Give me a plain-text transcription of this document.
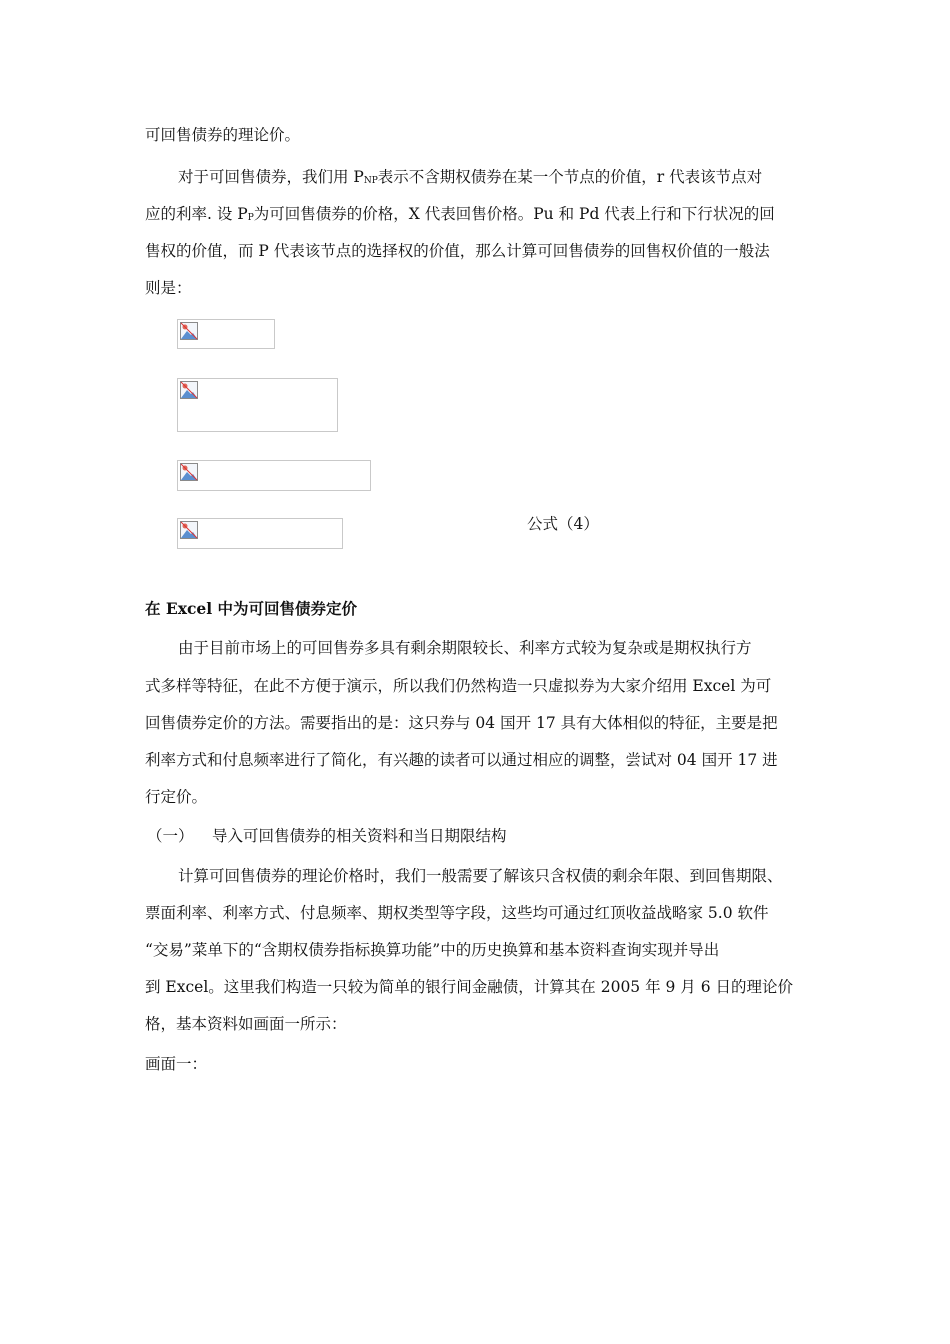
可回售债券的理论价。
对于可回售债券，我们用 $P_{NP}$表示不含期权债券在某一个节点的价值，r 代表该节点对
应的利率. 设 $P_P$为可回售债券的价格，X 代表回售价格。Pu 和 Pd 代表上行和下行状况的回
售权的价值，而 P 代表该节点的选择权的价值，那么计算可回售债券的回售权价值的一般法
则是：
公式（4）
在 Excel 中为可回售债券定价
由于目前市场上的可回售券多具有剩余期限较长、利率方式较为复杂或是期权执行方
式多样等特征，在此不方便于演示，所以我们仍然构造一只虚拟券为大家介绍用 Excel 为可
回售债券定价的方法。需要指出的是：这只券与 04 国开 17 具有大体相似的特征，主要是把
利率方式和付息频率进行了简化，有兴趣的读者可以通过相应的调整，尝试对 04 国开 17 进
行定价。
（一） 导入可回售债券的相关资料和当日期限结构
计算可回售债券的理论价格时，我们一般需要了解该只含权债的剩余年限、到回售期限、
票面利率、利率方式、付息频率、期权类型等字段，这些均可通过红顶收益战略家 5.0 软件
“交易”菜单下的“含期权债券指标换算功能”中的历史换算和基本资料查询实现并导出
到 Excel。这里我们构造一只较为简单的银行间金融债，计算其在 2005 年 9 月 6 日的理论价
格，基本资料如画面一所示：
画面一：
